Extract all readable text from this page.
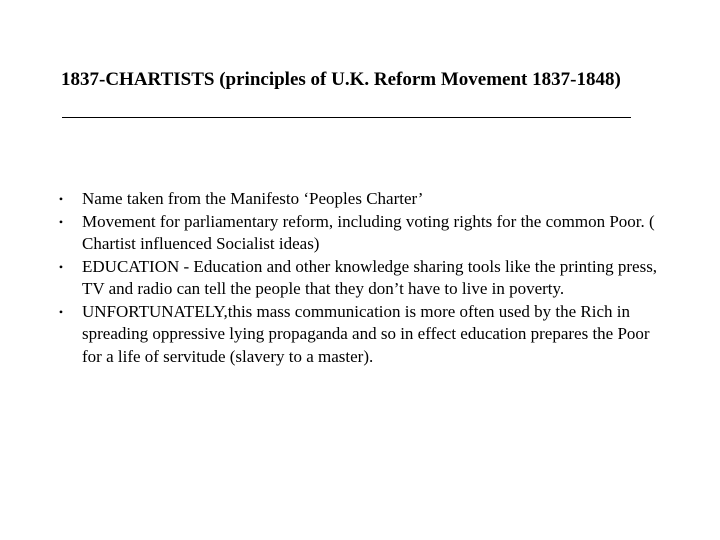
1837-CHARTISTS (principles of U.K. Reform Movement 1837-1848)
• Name taken from the Manifesto ‘Peoples Charter’
• Movement for parliamentary reform, including voting rights for the common Poor. ( Chartist influenced Socialist ideas)
• EDUCATION - Education and other knowledge sharing tools like the printing press, TV and radio can tell the people that they don’t have to live in poverty.
• UNFORTUNATELY,this mass communication is more often used by the Rich in spreading oppressive lying propaganda and so in effect education prepares the Poor for a life of servitude (slavery to a master).
